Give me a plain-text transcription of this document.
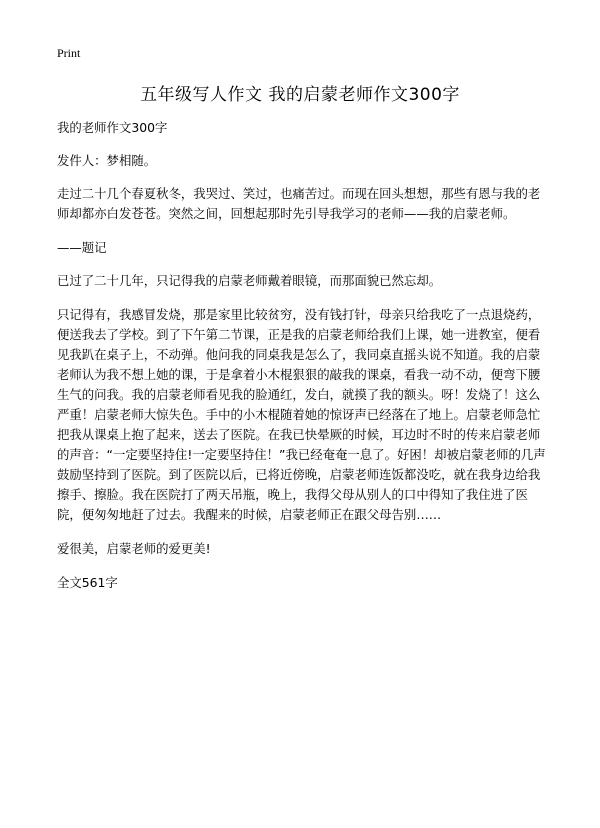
Print
五年级写人作文 我的启蒙老师作文300字

我的老师作文300字

发件人：梦相随。

走过二十几个春夏秋冬，我哭过、笑过，也痛苦过。而现在回头想想，那些有恩与我的老师却都亦白发苍苍。突然之间，回想起那时先引导我学习的老师——我的启蒙老师。

——题记

已过了二十几年，只记得我的启蒙老师戴着眼镜，而那面貌已然忘却。

只记得有，我感冒发烧，那是家里比较贫穷，没有钱打针，母亲只给我吃了一点退烧药，便送我去了学校。到了下午第二节课，正是我的启蒙老师给我们上课，她一进教室，便看见我趴在桌子上，不动弹。他问我的同桌我是怎么了，我同桌直摇头说不知道。我的启蒙老师认为我不想上她的课，于是拿着小木棍狠狠的敲我的课桌，看我一动不动，便弯下腰生气的问我。我的启蒙老师看见我的脸通红，发白，就摸了我的额头。呀！发烧了！这么严重！启蒙老师大惊失色。手中的小木棍随着她的惊讶声已经落在了地上。启蒙老师急忙把我从课桌上抱了起来，送去了医院。在我已快晕厥的时候，耳边时不时的传来启蒙老师的声音：“一定要坚持住!一定要坚持住！”我已经奄奄一息了。好困！却被启蒙老师的几声鼓励坚持到了医院。到了医院以后，已将近傍晚，启蒙老师连饭都没吃，就在我身边给我擦手、擦脸。我在医院打了两天吊瓶，晚上，我得父母从别人的口中得知了我住进了医院，便匆匆地赶了过去。我醒来的时候，启蒙老师正在跟父母告别……

爱很美，启蒙老师的爱更美!

全文561字
